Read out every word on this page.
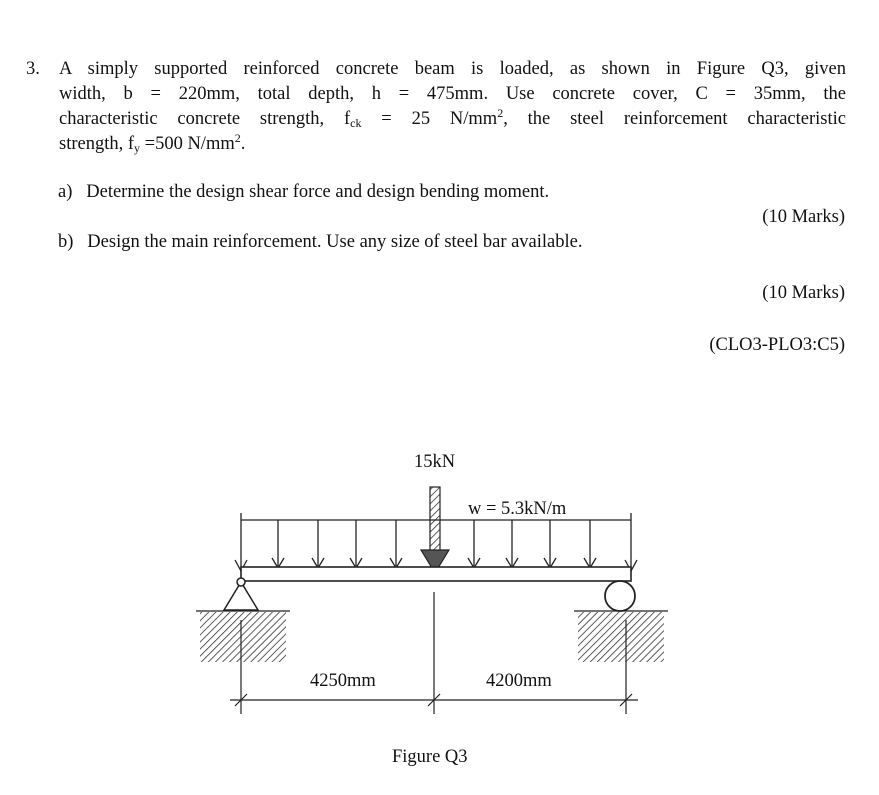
3. A simply supported reinforced concrete beam is loaded, as shown in Figure Q3, given
width, b = 220mm, total depth, h = 475mm. Use concrete cover, C = 35mm, the
characteristic concrete strength, $f_{ck} = 25$ $N/mm^2$, the steel reinforcement characteristic
strength, $f_y =500$ $N/mm^2$.
a) Determine the design shear force and design bending moment.
(10 Marks)
b) Design the main reinforcement. Use any size of steel bar available.
(10 Marks)
(CLO3-PLO3:C5)
15kN
w = 5.3kN/m
4250mm	4200mm
Figure Q3
